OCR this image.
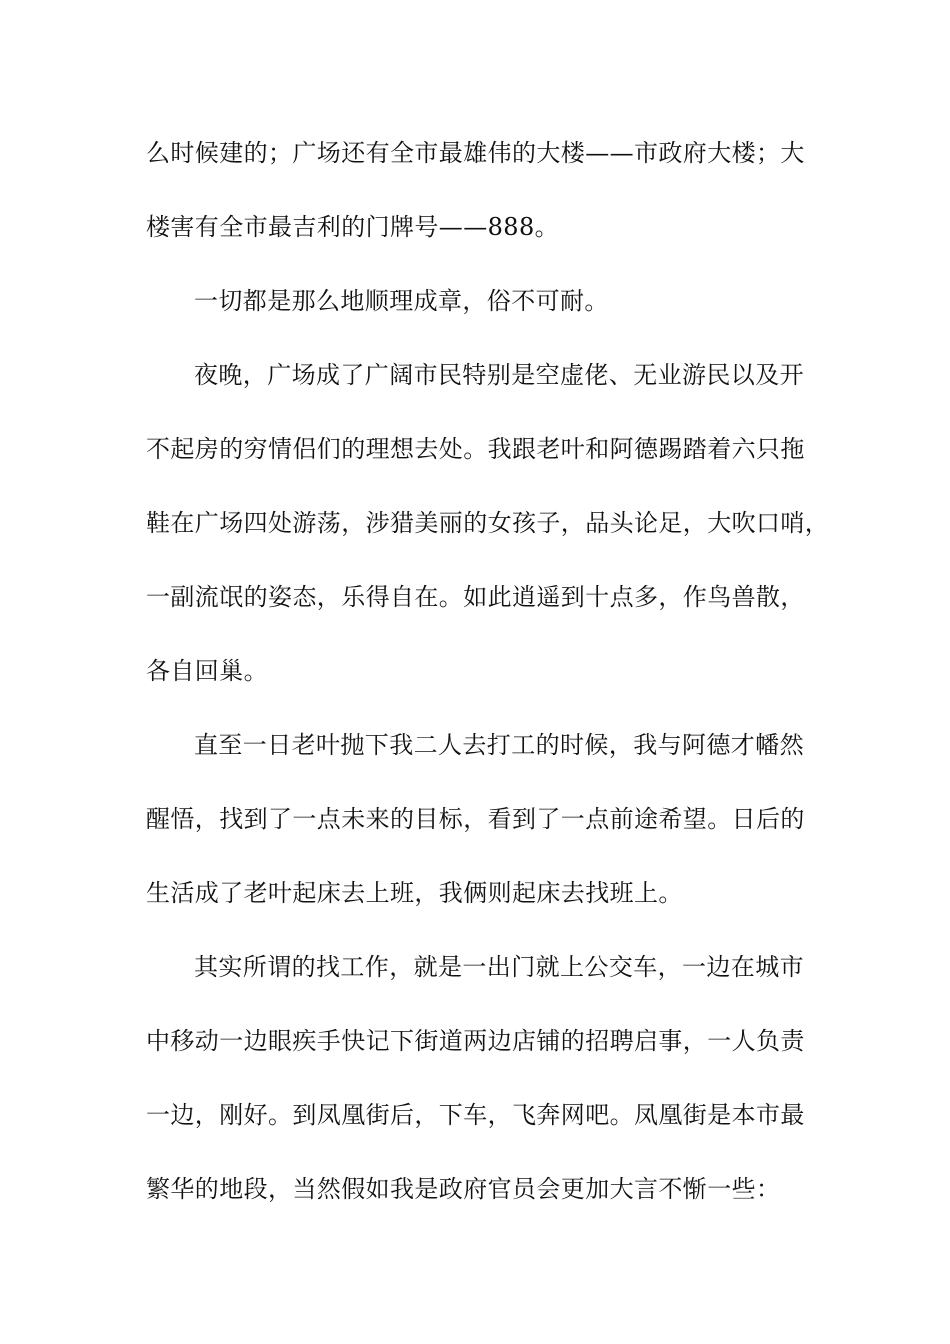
么时候建的；广场还有全市最雄伟的大楼——市政府大楼；大
楼害有全市最吉利的门牌号——888。
一切都是那么地顺理成章，俗不可耐。
夜晚，广场成了广阔市民特别是空虚佬、无业游民以及开
不起房的穷情侣们的理想去处。我跟老叶和阿德踢踏着六只拖
鞋在广场四处游荡，涉猎美丽的女孩子，品头论足，大吹口哨，
一副流氓的姿态，乐得自在。如此逍遥到十点多，作鸟兽散，
各自回巢。
直至一日老叶抛下我二人去打工的时候，我与阿德才幡然
醒悟，找到了一点未来的目标，看到了一点前途希望。日后的
生活成了老叶起床去上班，我俩则起床去找班上。
其实所谓的找工作，就是一出门就上公交车，一边在城市
中移动一边眼疾手快记下街道两边店铺的招聘启事，一人负责
一边，刚好。到凤凰街后，下车，飞奔网吧。凤凰街是本市最
繁华的地段，当然假如我是政府官员会更加大言不惭一些：
